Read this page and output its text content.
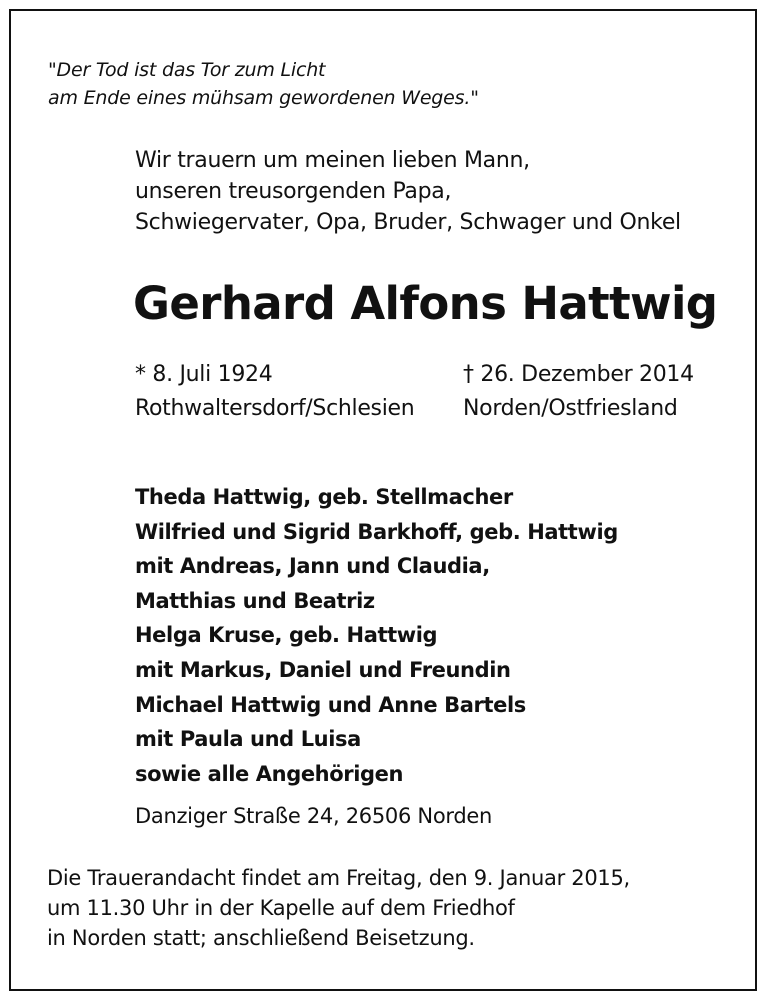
"Der Tod ist das Tor zum Licht
am Ende eines mühsam gewordenen Weges."
Wir trauern um meinen lieben Mann,
unseren treusorgenden Papa,
Schwiegervater, Opa, Bruder, Schwager und Onkel
Gerhard Alfons Hattwig
* 8. Juli 1924
Rothwaltersdorf/Schlesien
† 26. Dezember 2014
Norden/Ostfriesland
Theda Hattwig, geb. Stellmacher
Wilfried und Sigrid Barkhoff, geb. Hattwig
mit Andreas, Jann und Claudia,
Matthias und Beatriz
Helga Kruse, geb. Hattwig
mit Markus, Daniel und Freundin
Michael Hattwig und Anne Bartels
mit Paula und Luisa
sowie alle Angehörigen
Danziger Straße 24, 26506 Norden
Die Trauerandacht findet am Freitag, den 9. Januar 2015,
um 11.30 Uhr in der Kapelle auf dem Friedhof
in Norden statt; anschließend Beisetzung.
